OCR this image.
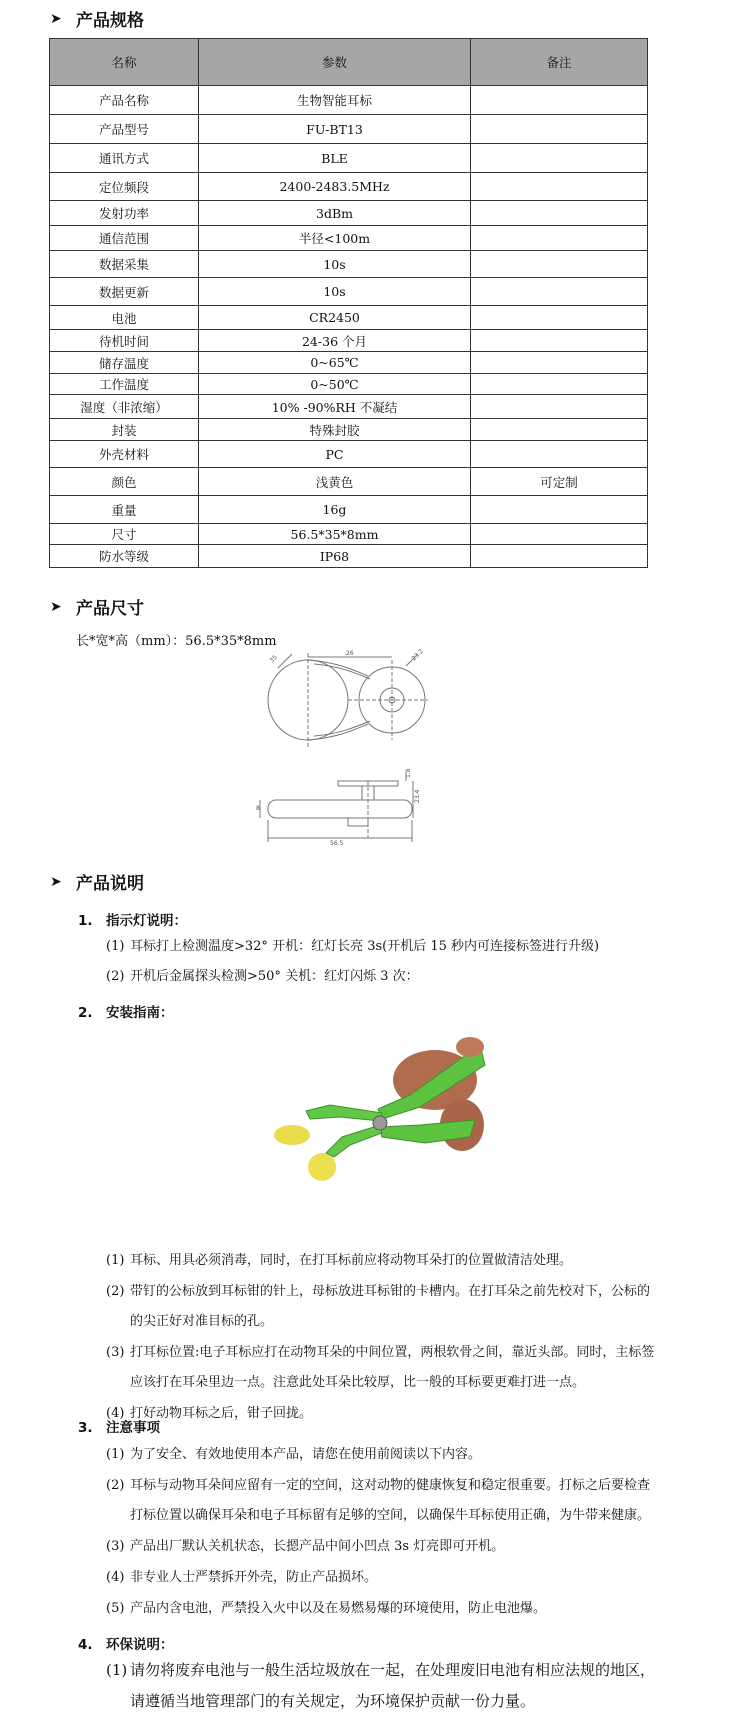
➤ 产品规格
名称	参数	备注
产品名称	生物智能耳标	
产品型号	FU-BT13	
通讯方式	BLE	
定位频段	2400-2483.5MHz	
发射功率	3dBm	
通信范围	半径<100m	
数据采集	10s	
数据更新	10s	
电池	CR2450	
待机时间	24-36 个月	
储存温度	0~65℃	
工作温度	0~50℃	
湿度（非浓缩）	10% -90%RH 不凝结	
封装	特殊封胶	
外壳材料	PC	
颜色	浅黄色	可定制
重量	16g	
尺寸	56.5*35*8mm	
防水等级	IP68	
➤ 产品尺寸
长*宽*高（mm）：56.5*35*8mm
26
35	23.2
8
23.4
1.8
56.5
➤ 产品说明
1. 指示灯说明：
(1) 耳标打上检测温度>32° 开机：红灯长亮 3s(开机后 15 秒内可连接标签进行升级)
(2) 开机后金属探头检测>50° 关机：红灯闪烁 3 次：
2. 安装指南：
(1) 耳标、用具必须消毒，同时，在打耳标前应将动物耳朵打的位置做清洁处理。
(2) 带钉的公标放到耳标钳的针上，母标放进耳标钳的卡槽内。在打耳朵之前先校对下，公标的
的尖正好对准目标的孔。
(3) 打耳标位置:电子耳标应打在动物耳朵的中间位置，两根软骨之间，靠近头部。同时，主标签
应该打在耳朵里边一点。注意此处耳朵比较厚，比一般的耳标要更难打进一点。
(4) 打好动物耳标之后，钳子回拢。
3. 注意事项
(1) 为了安全、有效地使用本产品，请您在使用前阅读以下内容。
(2) 耳标与动物耳朵间应留有一定的空间，这对动物的健康恢复和稳定很重要。打标之后要检查
打标位置以确保耳朵和电子耳标留有足够的空间，以确保牛耳标使用正确，为牛带来健康。
(3) 产品出厂默认关机状态，长摁产品中间小凹点 3s 灯亮即可开机。
(4) 非专业人士严禁拆开外壳，防止产品损坏。
(5) 产品内含电池，严禁投入火中以及在易燃易爆的环境使用，防止电池爆。
4. 环保说明：
(1) 请勿将废弃电池与一般生活垃圾放在一起，在处理废旧电池有相应法规的地区，
请遵循当地管理部门的有关规定，为环境保护贡献一份力量。
